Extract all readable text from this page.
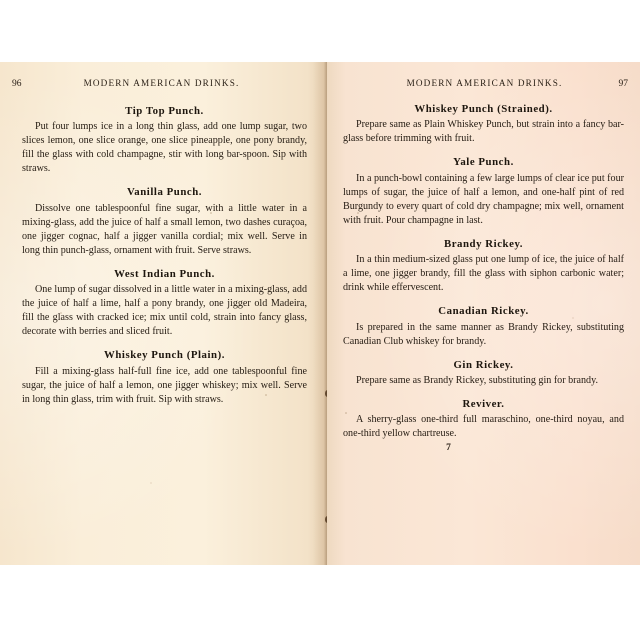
96	MODERN AMERICAN DRINKS.
Tip Top Punch.

Put four lumps ice in a long thin glass, add one lump sugar, two slices lemon, one slice orange, one slice pineapple, one pony brandy, fill the glass with cold champagne, stir with long bar-spoon. Sip with straws.

Vanilla Punch.

Dissolve one tablespoonful fine sugar, with a little water in a mixing-glass, add the juice of half a small lemon, two dashes curaçoa, one jigger cognac, half a jigger vanilla cordial; mix well. Serve in long thin punch-glass, ornament with fruit. Serve straws.

West Indian Punch.

One lump of sugar dissolved in a little water in a mixing-glass, add the juice of half a lime, half a pony brandy, one jigger old Madeira, fill the glass with cracked ice; mix until cold, strain into fancy glass, decorate with berries and sliced fruit.

Whiskey Punch (Plain).

Fill a mixing-glass half-full fine ice, add one tablespoonful fine sugar, the juice of half a lemon, one jigger whiskey; mix well. Serve in long thin glass, trim with fruit. Sip with straws.

MODERN AMERICAN DRINKS.	97
Whiskey Punch (Strained).

Prepare same as Plain Whiskey Punch, but strain into a fancy bar-glass before trimming with fruit.

Yale Punch.

In a punch-bowl containing a few large lumps of clear ice put four lumps of sugar, the juice of half a lemon, and one-half pint of red Burgundy to every quart of cold dry champagne; mix well, ornament with fruit. Pour champagne in last.

Brandy Rickey.

In a thin medium-sized glass put one lump of ice, the juice of half a lime, one jigger brandy, fill the glass with siphon carbonic water; drink while effervescent.

Canadian Rickey.

Is prepared in the same manner as Brandy Rickey, substituting Canadian Club whiskey for brandy.

Gin Rickey.

Prepare same as Brandy Rickey, substituting gin for brandy.

Reviver.

A sherry-glass one-third full maraschino, one-third noyau, and one-third yellow chartreuse.

7
